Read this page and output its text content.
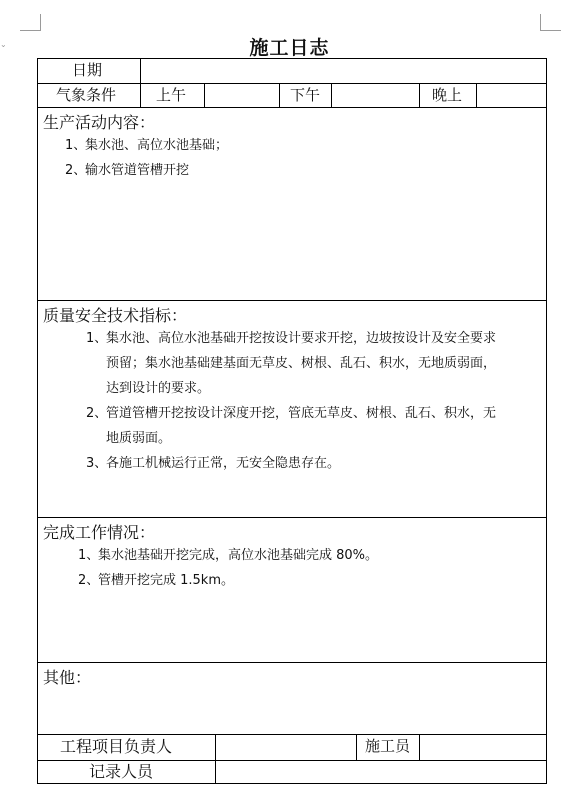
⌄	施工日志
日期
气象条件	上午	下午	晚上
生产活动内容：
1、
集水池、高位水池基础；
2、
输水管道管槽开挖
质量安全技术指标：
1、
集水池、高位水池基础开挖按设计要求开挖，边坡按设计及安全要求
预留；集水池基础建基面无草皮、树根、乱石、积水，无地质弱面，
达到设计的要求。
2、
管道管槽开挖按设计深度开挖，管底无草皮、树根、乱石、积水，无
地质弱面。
3、
各施工机械运行正常，无安全隐患存在。
完成工作情况：
1、
集水池基础开挖完成，高位水池基础完成 80%。
2、
管槽开挖完成 1.5km。
其他：
工程项目负责人	施工员
记录人员
